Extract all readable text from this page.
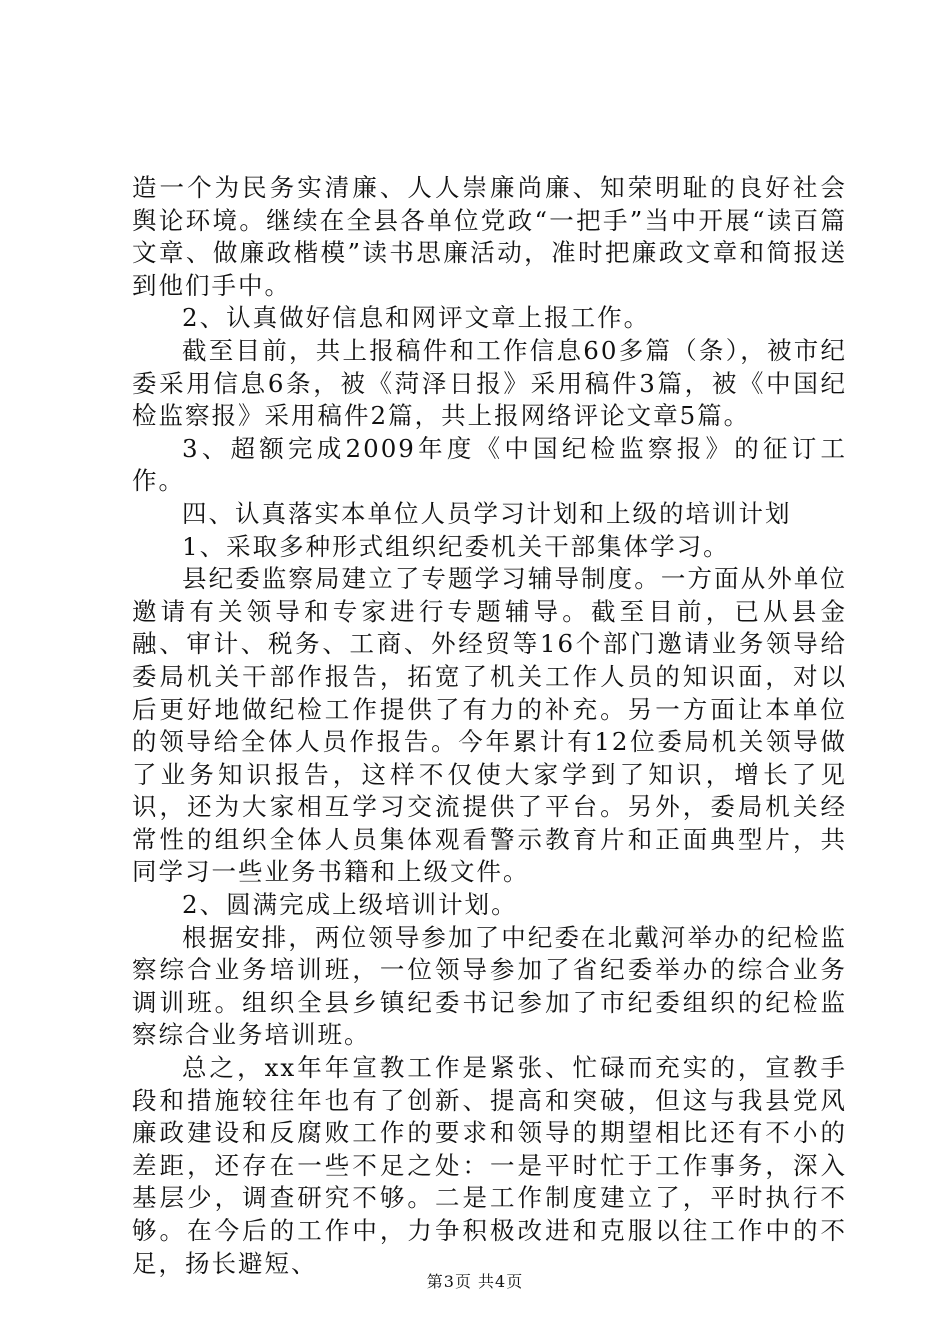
造一个为民务实清廉、人人崇廉尚廉、知荣明耻的良好社会舆论环境。继续在全县各单位党政“一把手”当中开展“读百篇文章、做廉政楷模”读书思廉活动，准时把廉政文章和简报送到他们手中。

2、认真做好信息和网评文章上报工作。

截至目前，共上报稿件和工作信息60多篇（条），被市纪委采用信息6条，被《菏泽日报》采用稿件3篇，被《中国纪检监察报》采用稿件2篇，共上报网络评论文章5篇。

3、超额完成2009年度《中国纪检监察报》的征订工作。

四、认真落实本单位人员学习计划和上级的培训计划

1、采取多种形式组织纪委机关干部集体学习。

县纪委监察局建立了专题学习辅导制度。一方面从外单位邀请有关领导和专家进行专题辅导。截至目前，已从县金融、审计、税务、工商、外经贸等16个部门邀请业务领导给委局机关干部作报告，拓宽了机关工作人员的知识面，对以后更好地做纪检工作提供了有力的补充。另一方面让本单位的领导给全体人员作报告。今年累计有12位委局机关领导做了业务知识报告，这样不仅使大家学到了知识，增长了见识，还为大家相互学习交流提供了平台。另外，委局机关经常性的组织全体人员集体观看警示教育片和正面典型片，共同学习一些业务书籍和上级文件。

2、圆满完成上级培训计划。

根据安排，两位领导参加了中纪委在北戴河举办的纪检监察综合业务培训班，一位领导参加了省纪委举办的综合业务调训班。组织全县乡镇纪委书记参加了市纪委组织的纪检监察综合业务培训班。

总之，xx年年宣教工作是紧张、忙碌而充实的，宣教手段和措施较往年也有了创新、提高和突破，但这与我县党风廉政建设和反腐败工作的要求和领导的期望相比还有不小的差距，还存在一些不足之处：一是平时忙于工作事务，深入基层少，调查研究不够。二是工作制度建立了，平时执行不够。在今后的工作中，力争积极改进和克服以往工作中的不足，扬长避短、

第3页 共4页
